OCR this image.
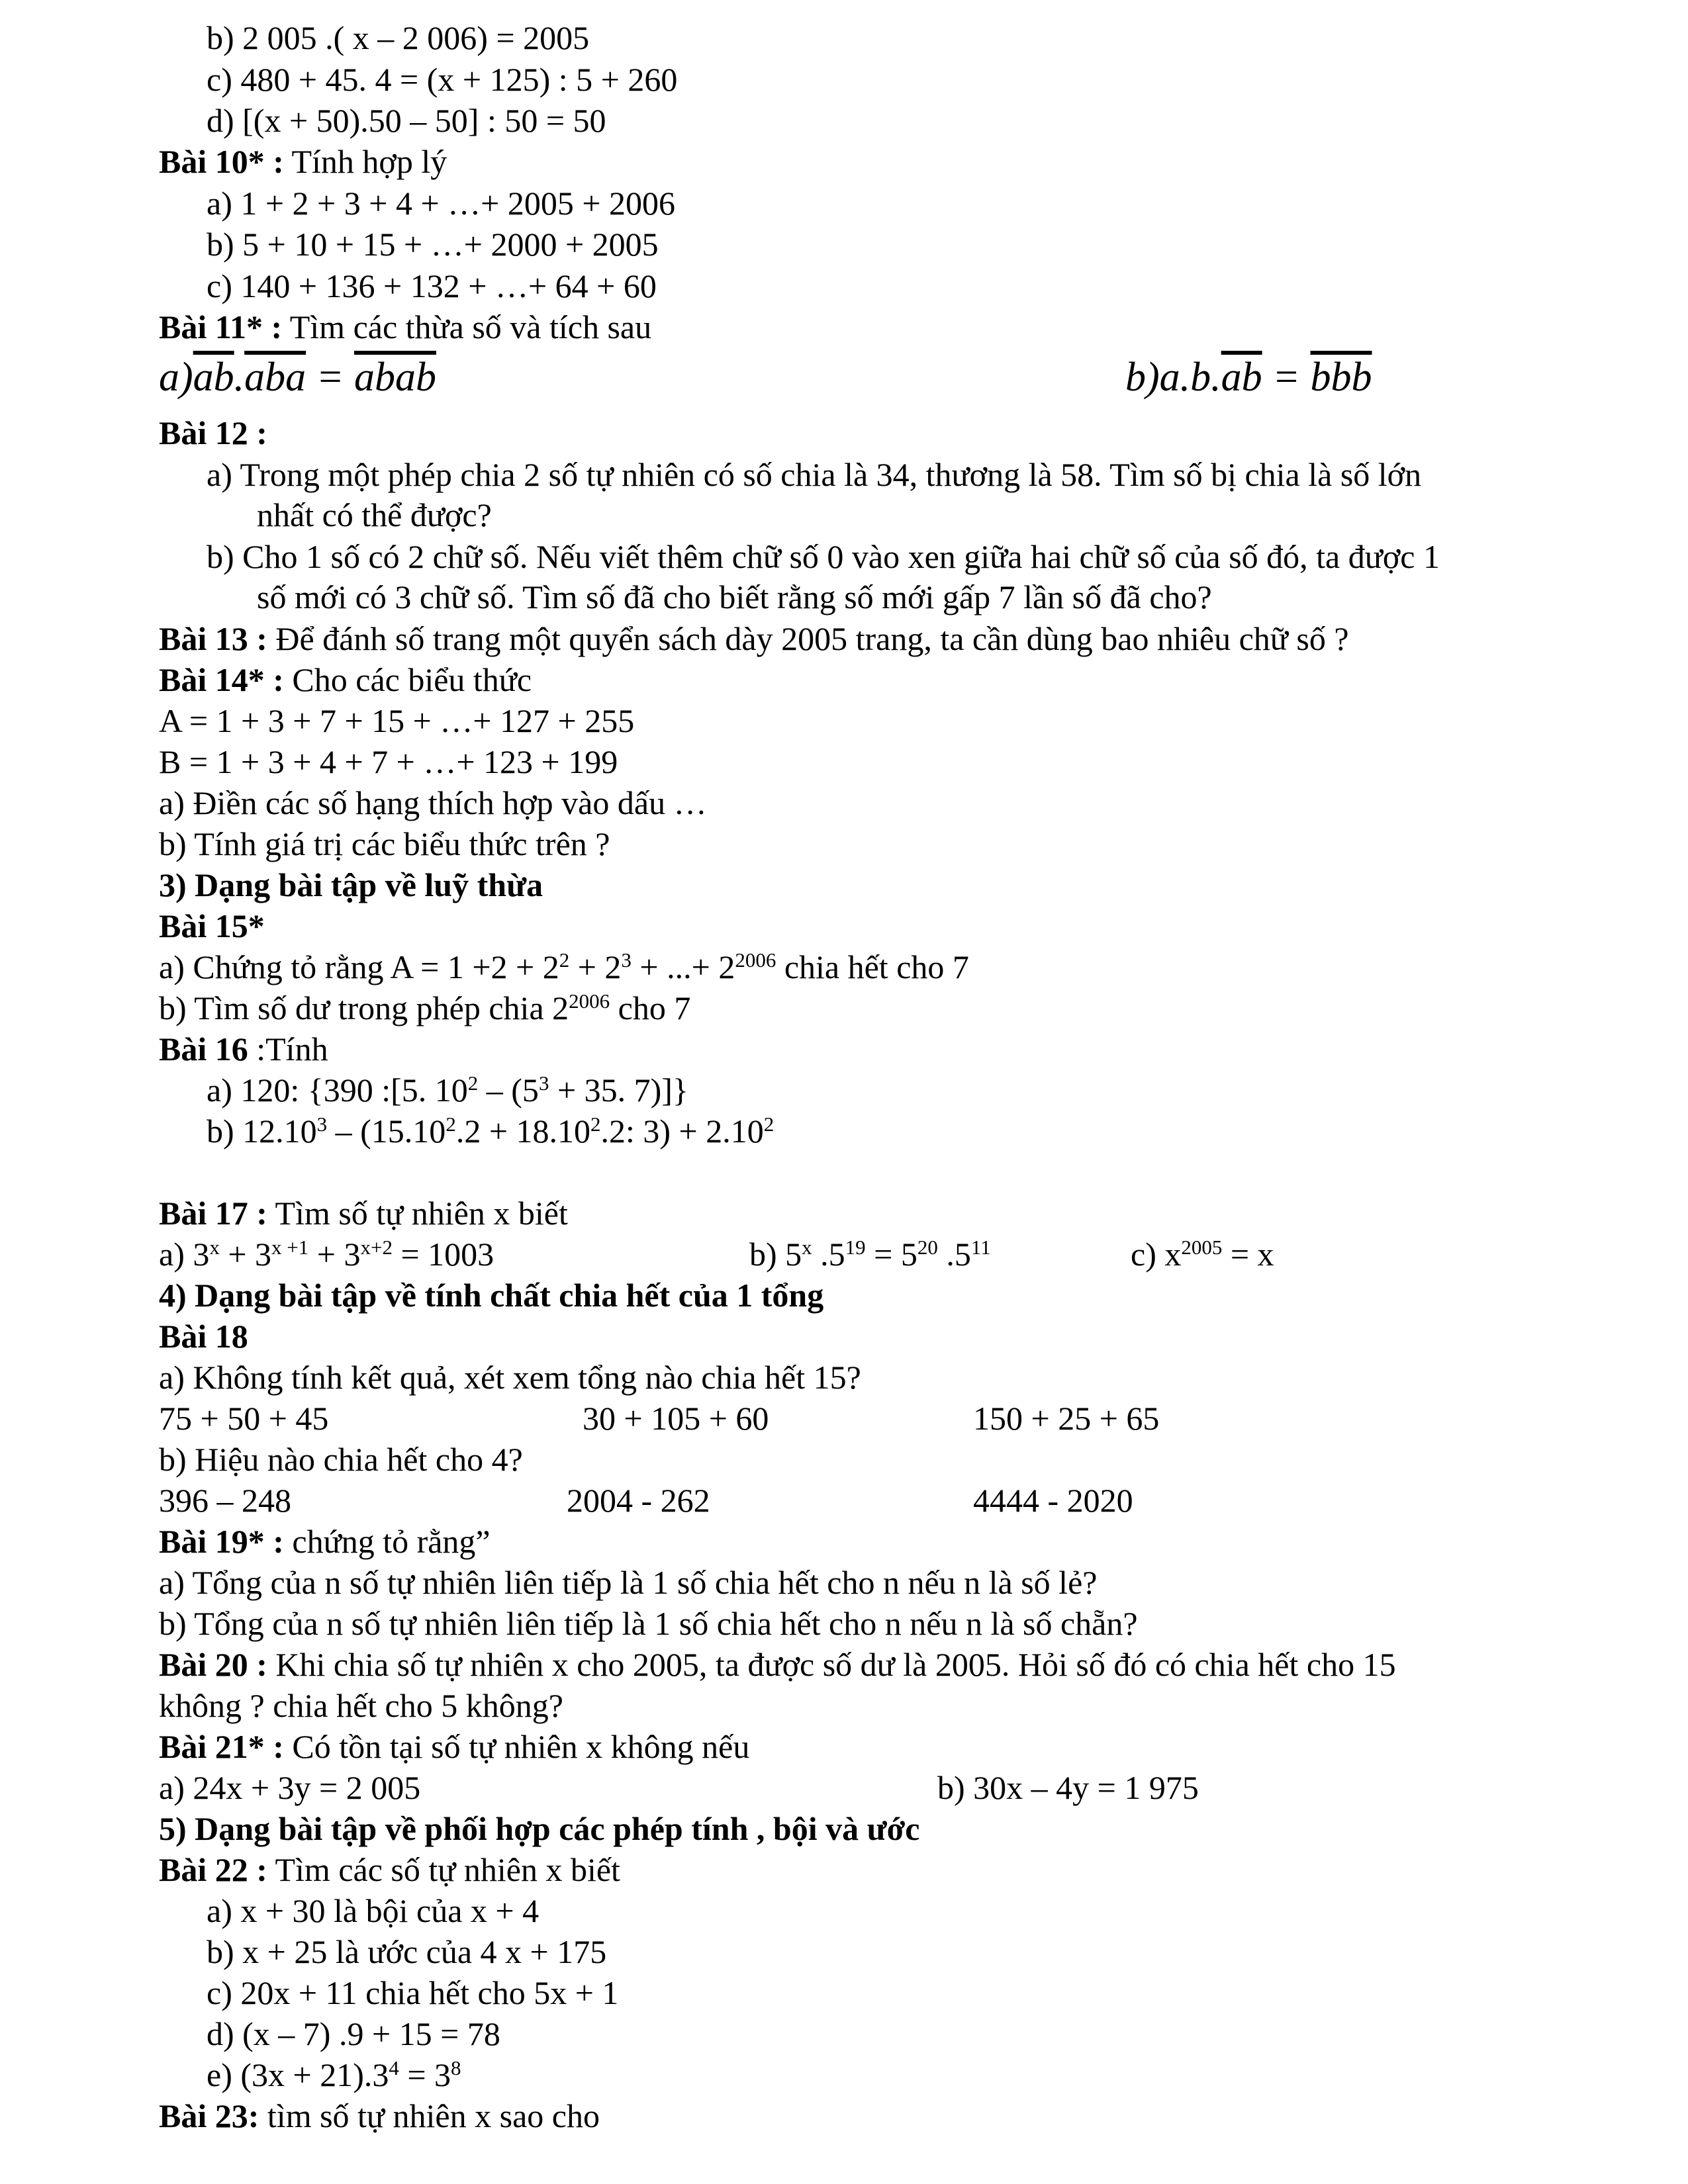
b) 2 005 .( x – 2 006) = 2005
c) 480 + 45. 4 = (x + 125) : 5 + 260
d) [(x + 50).50 – 50] : 50 = 50
Bài 10* : Tính hợp lý
a) 1 + 2 + 3 + 4 + …+ 2005 + 2006
b) 5 + 10 + 15 + …+ 2000 + 2005
c) 140 + 136 + 132 + …+ 64 + 60
Bài 11* : Tìm các thừa số và tích sau
$a)\overline{ab}.\overline{aba}$ = abab	$b)a.b.\overline{ab} = \overline{bbb}$
Bài 12 :
a) Trong một phép chia 2 số tự nhiên có số chia là 34, thương là 58. Tìm số bị chia là số lớn
nhất có thể được?
b) Cho 1 số có 2 chữ số. Nếu viết thêm chữ số 0 vào xen giữa hai chữ số của số đó, ta được 1
số mới có 3 chữ số. Tìm số đã cho biết rằng số mới gấp 7 lần số đã cho?
Bài 13 : Để đánh số trang một quyển sách dày 2005 trang, ta cần dùng bao nhiêu chữ số ?
Bài 14* : Cho các biểu thức
A = 1 + 3 + 7 + 15 + …+ 127 + 255
B = 1 + 3 + 4 + 7 + …+ 123 + 199
a) Điền các số hạng thích hợp vào dấu …
b) Tính giá trị các biểu thức trên ?
3) Dạng bài tập về luỹ thừa
Bài 15*
a) Chứng tỏ rằng $A = 1 +2 + 2^2 + 2^3$ + ...+ $2^{2006}$ chia hết cho 7
b) Tìm số dư trong phép chia $2^{2006}$ cho 7
Bài 16 :Tính
a) 120: {390 :[5. $10^2 - (5^3 + 35$. 7)]}
b) $12.10^3 - (15.10^2.2 + 18.10^2.2$: $3) + 2.10^2$
Bài 17 : Tìm số tự nhiên x biết
a) $3^x + 3^{x +1} + 3^{x+2} = 1003$	b) 5$^x$ $.5^{19} = 5^{20}$ $.5^{11}$	c) $x^{2005} = x$
4) Dạng bài tập về tính chất chia hết của 1 tổng
Bài 18
a) Không tính kết quả, xét xem tổng nào chia hết 15?
75 + 50 + 45	30 + 105 + 60	150 + 25 + 65
b) Hiệu nào chia hết cho 4?
396 – 248	2004 - 262	4444 - 2020
Bài 19* : chứng tỏ rằng”
a) Tổng của n số tự nhiên liên tiếp là 1 số chia hết cho n nếu n là số lẻ?
b) Tổng của n số tự nhiên liên tiếp là 1 số chia hết cho n nếu n là số chẵn?
Bài 20 : Khi chia số tự nhiên x cho 2005, ta được số dư là 2005. Hỏi số đó có chia hết cho 15
không ? chia hết cho 5 không?
Bài 21* : Có tồn tại số tự nhiên x không nếu
a) 24x + 3y = 2 005	b) 30x – 4y = 1 975
5) Dạng bài tập về phối hợp các phép tính , bội và ước
Bài 22 : Tìm các số tự nhiên x biết
a) x + 30 là bội của x + 4
b) x + 25 là ước của 4 x + 175
c) 20x + 11 chia hết cho 5x + 1
d) (x – 7) .9 + 15 = 78
e) $(3x + 21).3^4 = 3^8$
Bài 23: tìm số tự nhiên x sao cho
